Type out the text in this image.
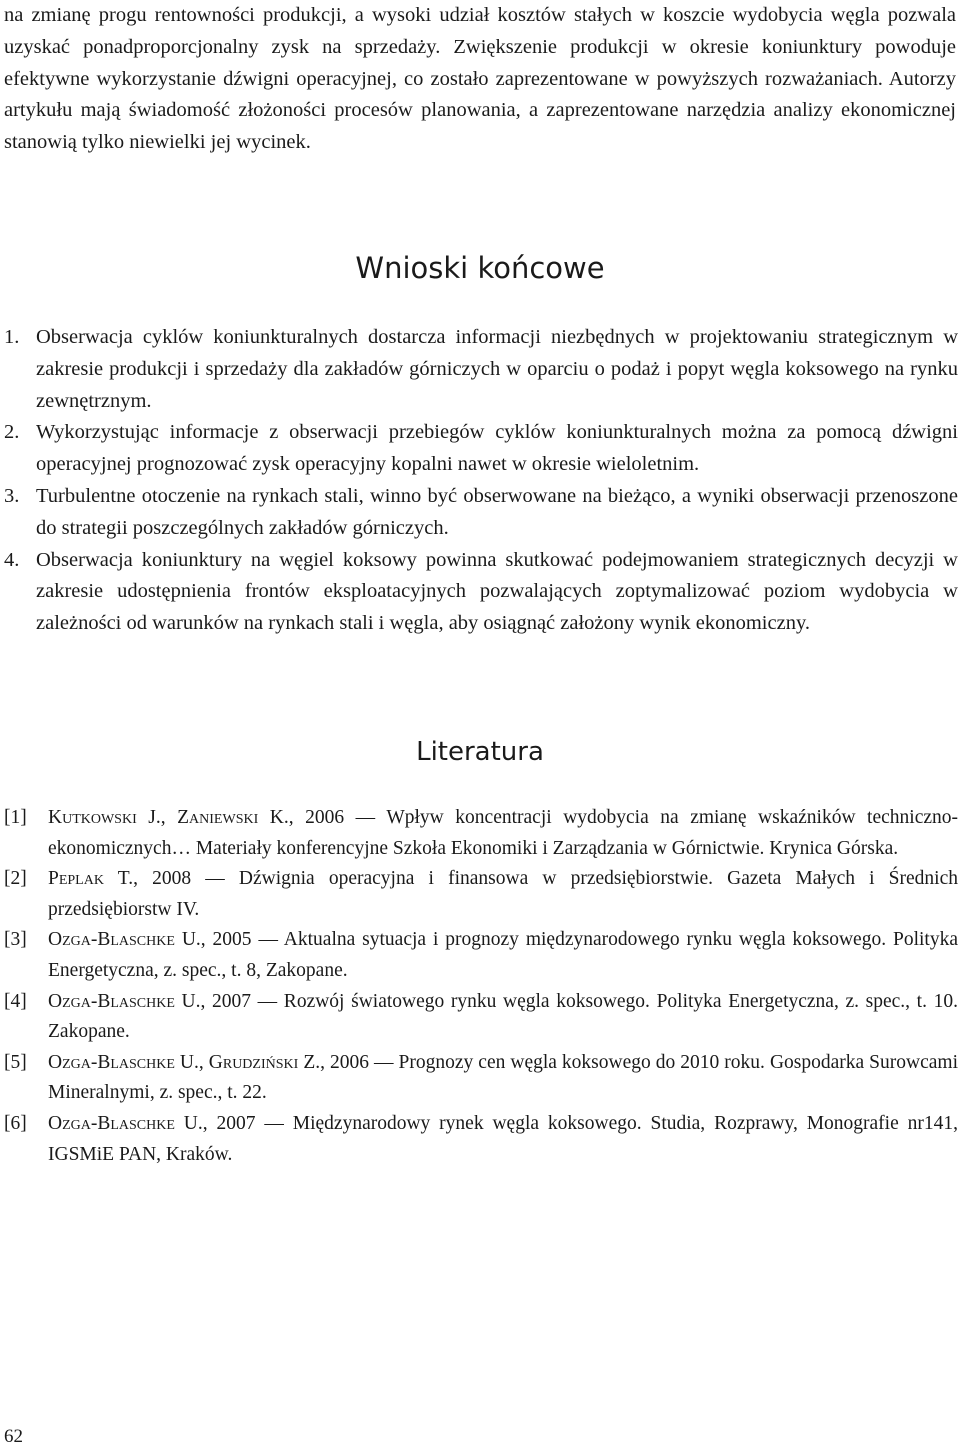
na zmianę progu rentowności produkcji, a wysoki udział kosztów stałych w koszcie wydobycia węgla pozwala uzyskać ponadproporcjonalny zysk na sprzedaży. Zwiększenie produkcji w okresie koniunktury powoduje efektywne wykorzystanie dźwigni operacyjnej, co zostało zaprezentowane w powyższych rozważaniach. Autorzy artykułu mają świadomość złożoności procesów planowania, a zaprezentowane narzędzia analizy ekonomicznej stanowią tylko niewielki jej wycinek.

Wnioski końcowe
1. Obserwacja cyklów koniunkturalnych dostarcza informacji niezbędnych w projektowaniu strategicznym w zakresie produkcji i sprzedaży dla zakładów górniczych w oparciu o podaż i popyt węgla koksowego na rynku zewnętrznym.
2. Wykorzystując informacje z obserwacji przebiegów cyklów koniunkturalnych można za pomocą dźwigni operacyjnej prognozować zysk operacyjny kopalni nawet w okresie wieloletnim.
3. Turbulentne otoczenie na rynkach stali, winno być obserwowane na bieżąco, a wyniki obserwacji przenoszone do strategii poszczególnych zakładów górniczych.
4. Obserwacja koniunktury na węgiel koksowy powinna skutkować podejmowaniem strategicznych decyzji w zakresie udostępnienia frontów eksploatacyjnych pozwalających zoptymalizować poziom wydobycia w zależności od warunków na rynkach stali i węgla, aby osiągnąć założony wynik ekonomiczny.
Literatura
[1] Kutkowski J., Zaniewski K., 2006 — Wpływ koncentracji wydobycia na zmianę wskaźników techniczno-ekonomicznych… Materiały konferencyjne Szkoła Ekonomiki i Zarządzania w Górnictwie. Krynica Górska.
[2] Peplak T., 2008 — Dźwignia operacyjna i finansowa w przedsiębiorstwie. Gazeta Małych i Średnich przedsiębiorstw IV.
[3] Ozga-Blaschke U., 2005 — Aktualna sytuacja i prognozy międzynarodowego rynku węgla koksowego. Polityka Energetyczna, z. spec., t. 8, Zakopane.
[4] Ozga-Blaschke U., 2007 — Rozwój światowego rynku węgla koksowego. Polityka Energetyczna, z. spec., t. 10. Zakopane.
[5] Ozga-Blaschke U., Grudziński Z., 2006 — Prognozy cen węgla koksowego do 2010 roku. Gospodarka Surowcami Mineralnymi, z. spec., t. 22.
[6] Ozga-Blaschke U., 2007 — Międzynarodowy rynek węgla koksowego. Studia, Rozprawy, Monografie nr141, IGSMiE PAN, Kraków.
62
